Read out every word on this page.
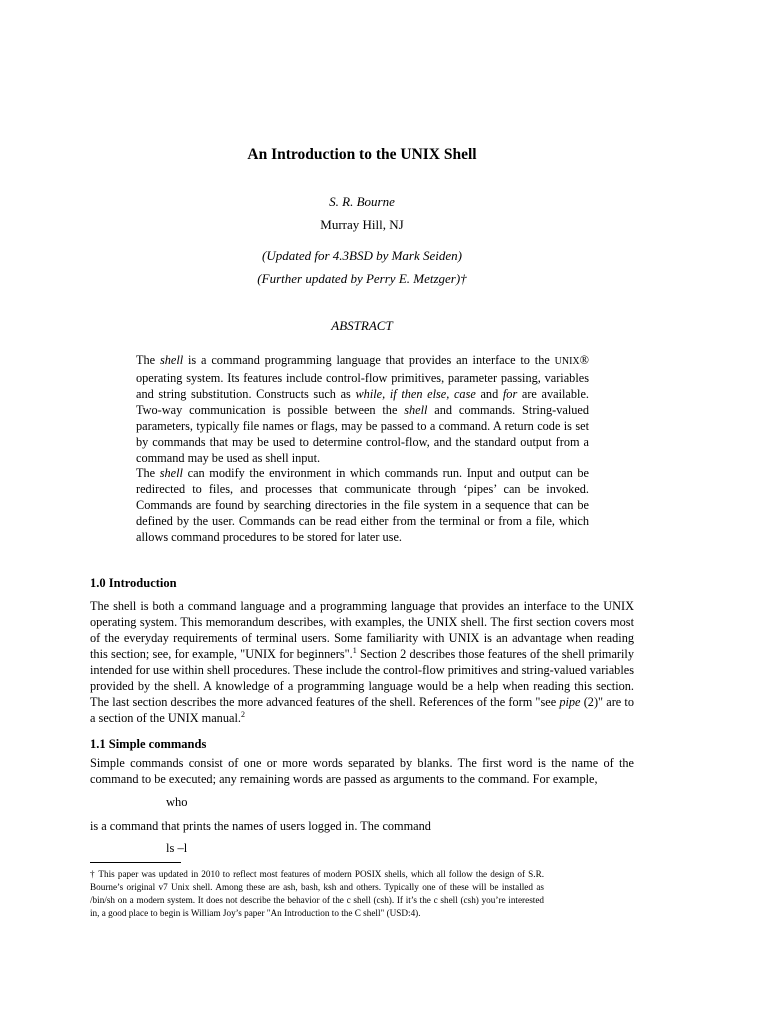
An Introduction to the UNIX Shell
S. R. Bourne
Murray Hill, NJ
(Updated for 4.3BSD by Mark Seiden)
(Further updated by Perry E. Metzger)†
ABSTRACT

The shell is a command programming language that provides an interface to the UNIX® operating system. Its features include control-flow primitives, parameter passing, variables and string substitution. Constructs such as while, if then else, case and for are available. Two-way communication is possible between the shell and commands. String-valued parameters, typically file names or flags, may be passed to a command. A return code is set by commands that may be used to determine control-flow, and the standard output from a command may be used as shell input.

The shell can modify the environment in which commands run. Input and output can be redirected to files, and processes that communicate through ‘pipes’ can be invoked. Commands are found by searching directories in the file system in a sequence that can be defined by the user. Commands can be read either from the terminal or from a file, which allows command procedures to be stored for later use.

1.0 Introduction

The shell is both a command language and a programming language that provides an interface to the UNIX operating system. This memorandum describes, with examples, the UNIX shell. The first section covers most of the everyday requirements of terminal users. Some familiarity with UNIX is an advantage when reading this section; see, for example, "UNIX for beginners".$^1$ Section 2 describes those features of the shell primarily intended for use within shell procedures. These include the control-flow primitives and string-valued variables provided by the shell. A knowledge of a programming language would be a help when reading this section. The last section describes the more advanced features of the shell. References of the form "see pipe (2)" are to a section of the UNIX manual.$^2$

1.1 Simple commands

Simple commands consist of one or more words separated by blanks. The first word is the name of the command to be executed; any remaining words are passed as arguments to the command. For example,

who

is a command that prints the names of users logged in. The command

ls –l
† This paper was updated in 2010 to reflect most features of modern POSIX shells, which all follow the design of S.R. Bourne’s original v7 Unix shell. Among these are ash, bash, ksh and others. Typically one of these will be installed as /bin/sh on a modern system. It does not describe the behavior of the c shell (csh). If it’s the c shell (csh) you’re interested in, a good place to begin is William Joy’s paper "An Introduction to the C shell" (USD:4).
